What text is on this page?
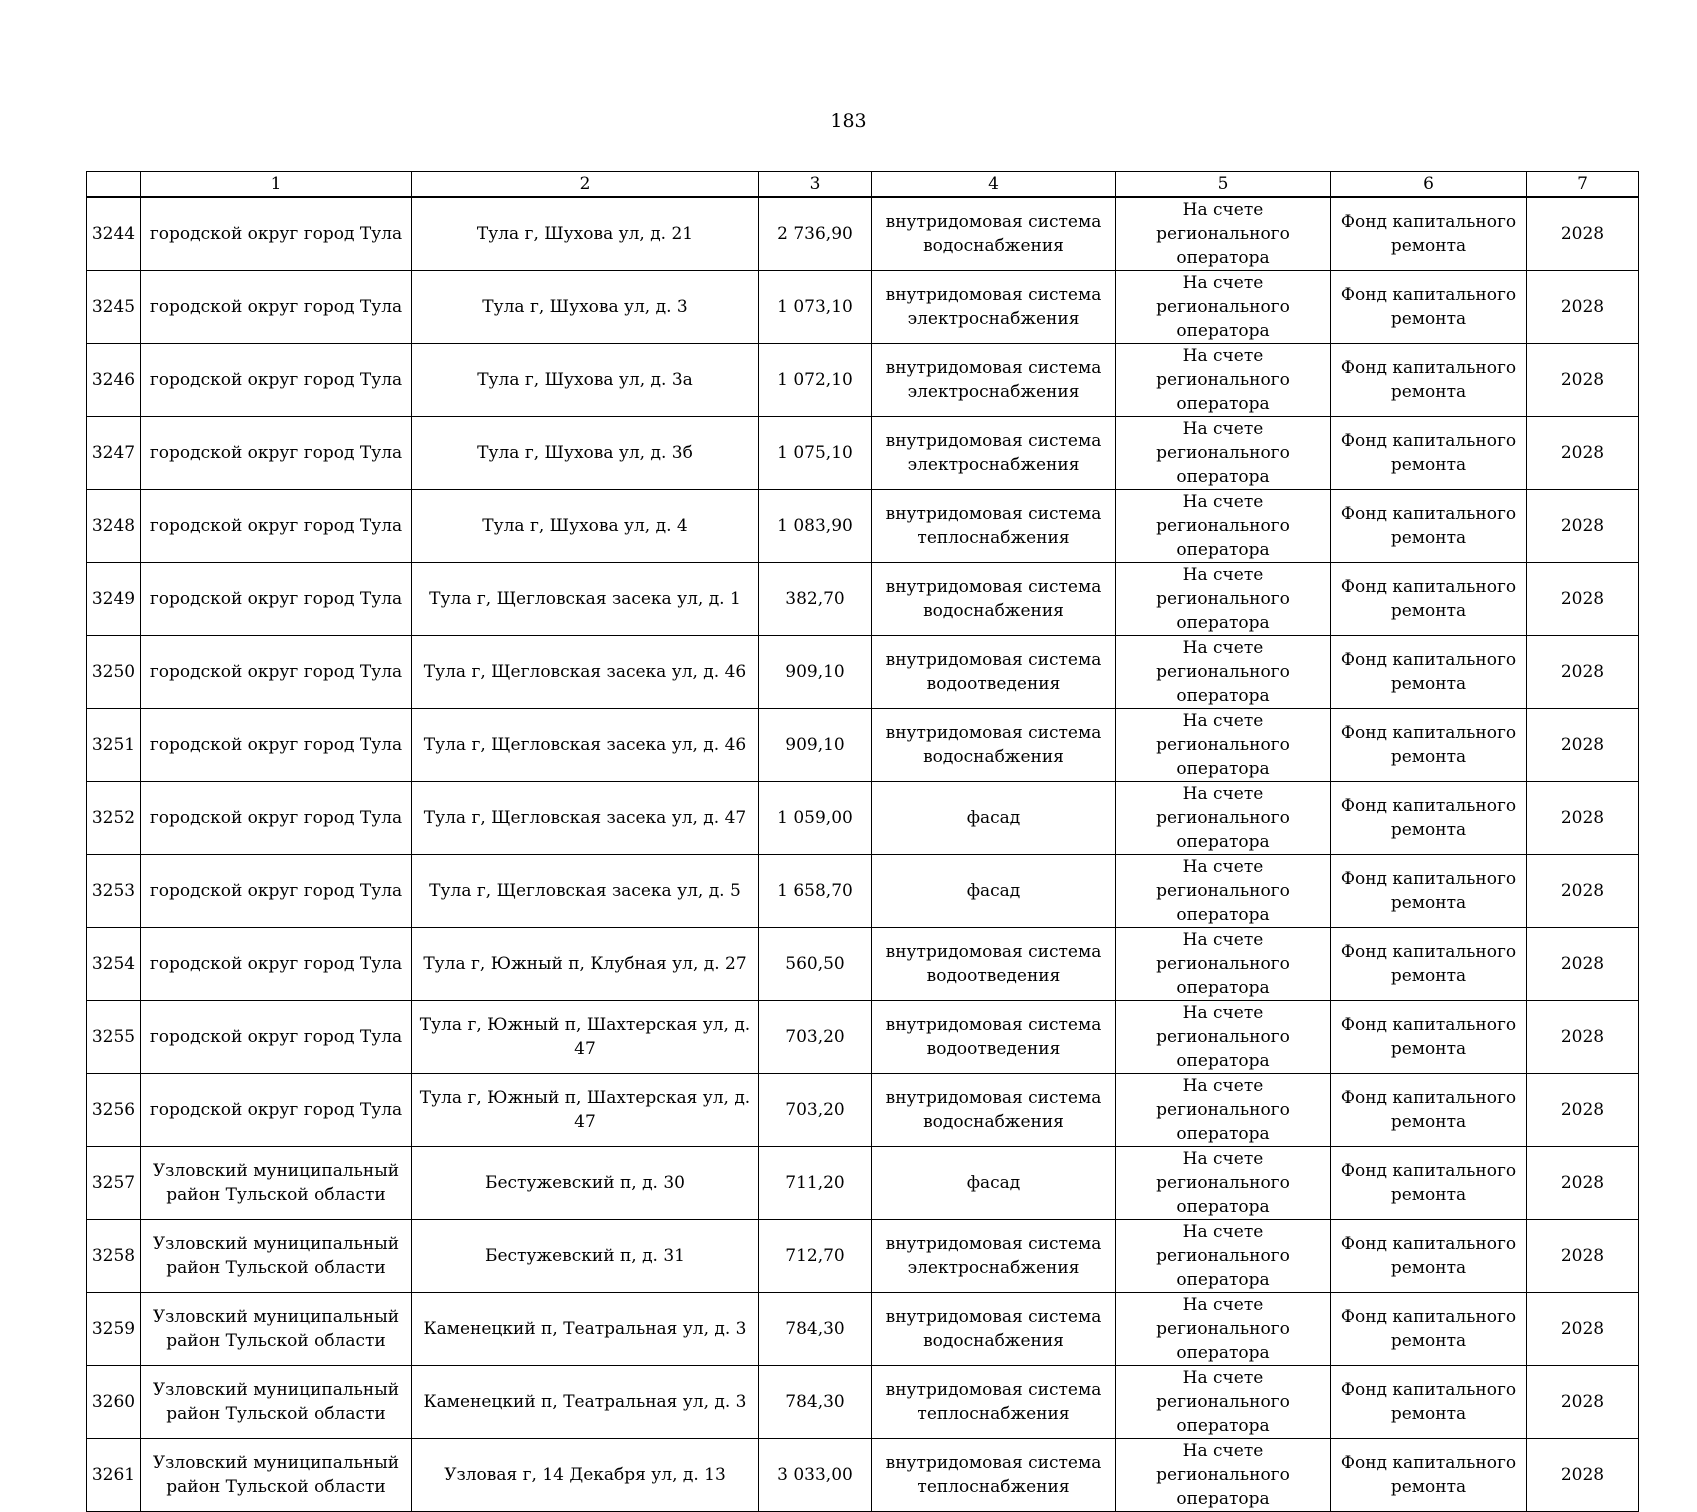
183
	1	2	3	4	5	6	7
3244	городской округ город Тула	Тула г, Шухова ул, д. 21	2 736,90	внутридомовая система водоснабжения	На счете регионального оператора	Фонд капитального ремонта	2028
3245	городской округ город Тула	Тула г, Шухова ул, д. 3	1 073,10	внутридомовая система электроснабжения	На счете регионального оператора	Фонд капитального ремонта	2028
3246	городской округ город Тула	Тула г, Шухова ул, д. 3а	1 072,10	внутридомовая система электроснабжения	На счете регионального оператора	Фонд капитального ремонта	2028
3247	городской округ город Тула	Тула г, Шухова ул, д. 3б	1 075,10	внутридомовая система электроснабжения	На счете регионального оператора	Фонд капитального ремонта	2028
3248	городской округ город Тула	Тула г, Шухова ул, д. 4	1 083,90	внутридомовая система теплоснабжения	На счете регионального оператора	Фонд капитального ремонта	2028
3249	городской округ город Тула	Тула г, Щегловская засека ул, д. 1	382,70	внутридомовая система водоснабжения	На счете регионального оператора	Фонд капитального ремонта	2028
3250	городской округ город Тула	Тула г, Щегловская засека ул, д. 46	909,10	внутридомовая система водоотведения	На счете регионального оператора	Фонд капитального ремонта	2028
3251	городской округ город Тула	Тула г, Щегловская засека ул, д. 46	909,10	внутридомовая система водоснабжения	На счете регионального оператора	Фонд капитального ремонта	2028
3252	городской округ город Тула	Тула г, Щегловская засека ул, д. 47	1 059,00	фасад	На счете регионального оператора	Фонд капитального ремонта	2028
3253	городской округ город Тула	Тула г, Щегловская засека ул, д. 5	1 658,70	фасад	На счете регионального оператора	Фонд капитального ремонта	2028
3254	городской округ город Тула	Тула г, Южный п, Клубная ул, д. 27	560,50	внутридомовая система водоотведения	На счете регионального оператора	Фонд капитального ремонта	2028
3255	городской округ город Тула	Тула г, Южный п, Шахтерская ул, д. 47	703,20	внутридомовая система водоотведения	На счете регионального оператора	Фонд капитального ремонта	2028
3256	городской округ город Тула	Тула г, Южный п, Шахтерская ул, д. 47	703,20	внутридомовая система водоснабжения	На счете регионального оператора	Фонд капитального ремонта	2028
3257	Узловский муниципальный район Тульской области	Бестужевский п, д. 30	711,20	фасад	На счете регионального оператора	Фонд капитального ремонта	2028
3258	Узловский муниципальный район Тульской области	Бестужевский п, д. 31	712,70	внутридомовая система электроснабжения	На счете регионального оператора	Фонд капитального ремонта	2028
3259	Узловский муниципальный район Тульской области	Каменецкий п, Театральная ул, д. 3	784,30	внутридомовая система водоснабжения	На счете регионального оператора	Фонд капитального ремонта	2028
3260	Узловский муниципальный район Тульской области	Каменецкий п, Театральная ул, д. 3	784,30	внутридомовая система теплоснабжения	На счете регионального оператора	Фонд капитального ремонта	2028
3261	Узловский муниципальный район Тульской области	Узловая г, 14 Декабря ул, д. 13	3 033,00	внутридомовая система теплоснабжения	На счете регионального оператора	Фонд капитального ремонта	2028
